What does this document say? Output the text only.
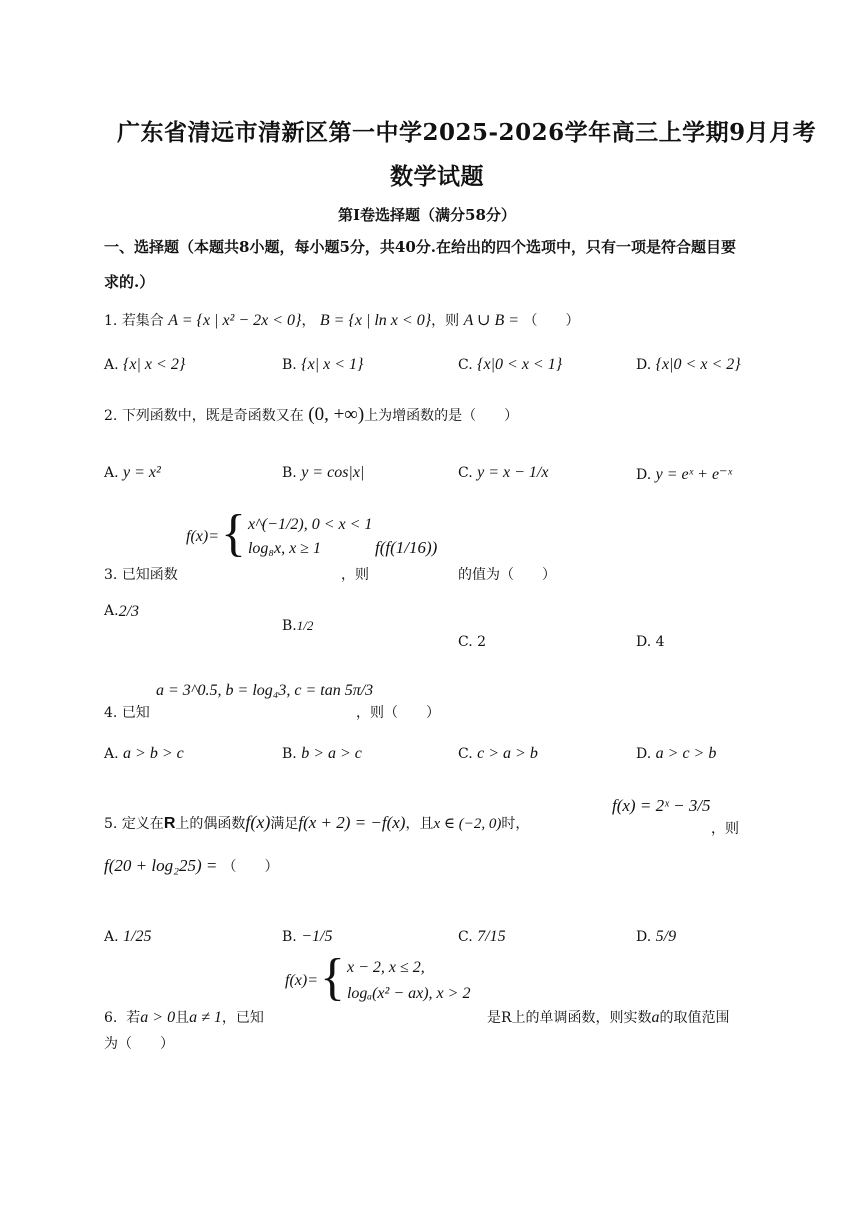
广东省清远市清新区第一中学2025-2026学年高三上学期9月月考
数学试题
第I卷选择题（满分58分）
一、选择题（本题共8小题，每小题5分，共40分.在给出的四个选项中，只有一项是符合题目要
求的.）
1. 若集合 A = {x | x² − 2x < 0}， B = {x | ln x < 0}，则 A ∪ B = （　　）
A. {x| x < 2}	B. {x| x < 1}	C. {x|0 < x < 1}	D. {x|0 < x < 2}
2. 下列函数中，既是奇函数又在 (0, +∞)上为增函数的是（　　）
A. y = x²	B. y = cos|x|	C. y = x − 1/x	D. y = eˣ + e⁻ˣ
3. 已知函数
f(x)= { x^(−1/2), 0 < x < 1
log₈x, x ≥ 1
，则
f(f(1/16))
的值为（　　）
A. 2/3
B. 1/2
C. 2	D. 4
4. 已知
a = 3^0.5, b = log₄3, c = tan 5π/3
，则（　　）
A. a > b > c	B. b > a > c	C. c > a > b	D. a > c > b
5. 定义在R上的偶函数f(x)满足f(x + 2) = −f(x)，且x ∈ (−2, 0)时，
f(x) = 2ˣ − 3/5
，则
f(20 + log₂25) = （　　）
A. 1/25	B. −1/5	C. 7/15	D. 5/9
6. 若a > 0且a ≠ 1，已知
f(x)= { x − 2, x ≤ 2,
logₐ(x² − ax), x > 2
是R上的单调函数，则实数a的取值范围
为（　　）
